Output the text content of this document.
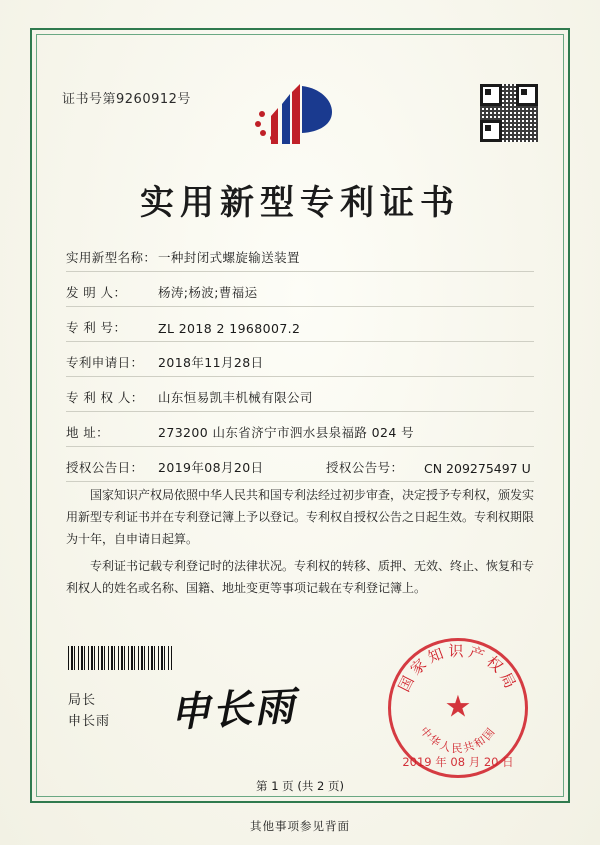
证书号第9260912号
实用新型专利证书
实用新型名称： 一种封闭式螺旋输送装置
发 明 人：	杨涛;杨波;曹福运
专 利 号：	ZL 2018 2 1968007.2
专利申请日：	2018年11月28日
专 利 权 人：	山东恒易凯丰机械有限公司
地 址：	273200 山东省济宁市泗水县泉福路 024 号
授权公告日：	2019年08月20日	授权公告号：	CN 209275497 U

国家知识产权局依照中华人民共和国专利法经过初步审查，决定授予专利权，颁发实用新型专利证书并在专利登记簿上予以登记。专利权自授权公告之日起生效。专利权期限为十年，自申请日起算。

专利证书记载专利登记时的法律状况。专利权的转移、质押、无效、终止、恢复和专利权人的姓名或名称、国籍、地址变更等事项记载在专利登记簿上。

局长
申长雨 申长雨
国家知识产权局
中华人民共和国
★
2019 年 08 月 20 日
第 1 页 (共 2 页)
其他事项参见背面
